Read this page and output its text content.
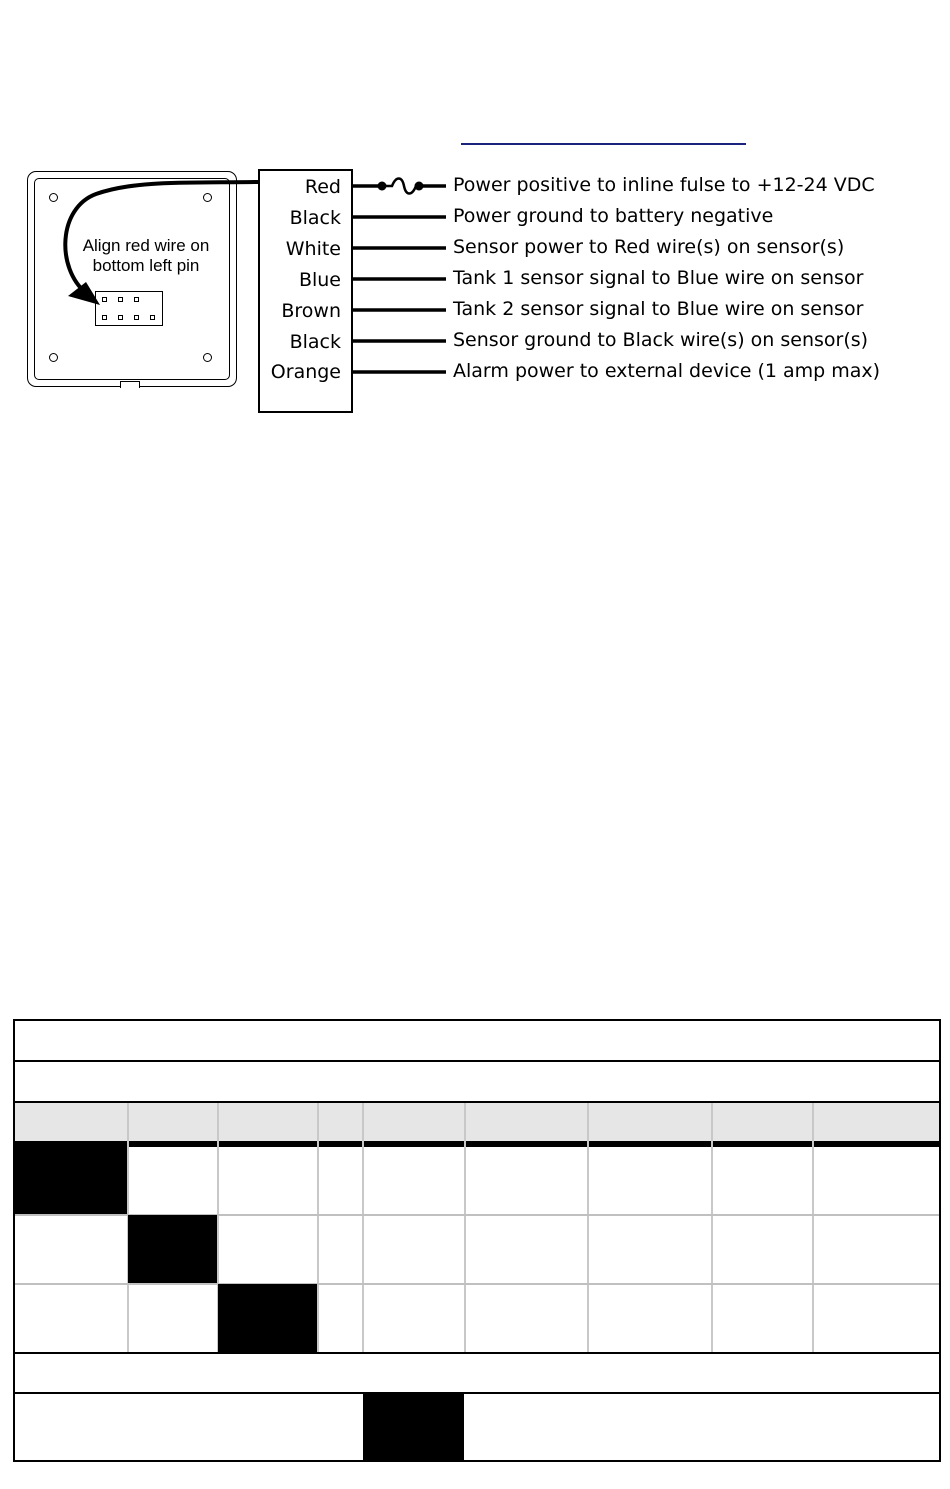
Align red wire on
bottom left pin
Red
Black
White
Blue
Brown
Black
Orange
Power positive to inline fulse to +12-24 VDC
Power ground to battery negative
Sensor power to Red wire(s) on sensor(s)
Tank 1 sensor signal to Blue wire on sensor
Tank 2 sensor signal to Blue wire on sensor
Sensor ground to Black wire(s) on sensor(s)
Alarm power to external device (1 amp max)
